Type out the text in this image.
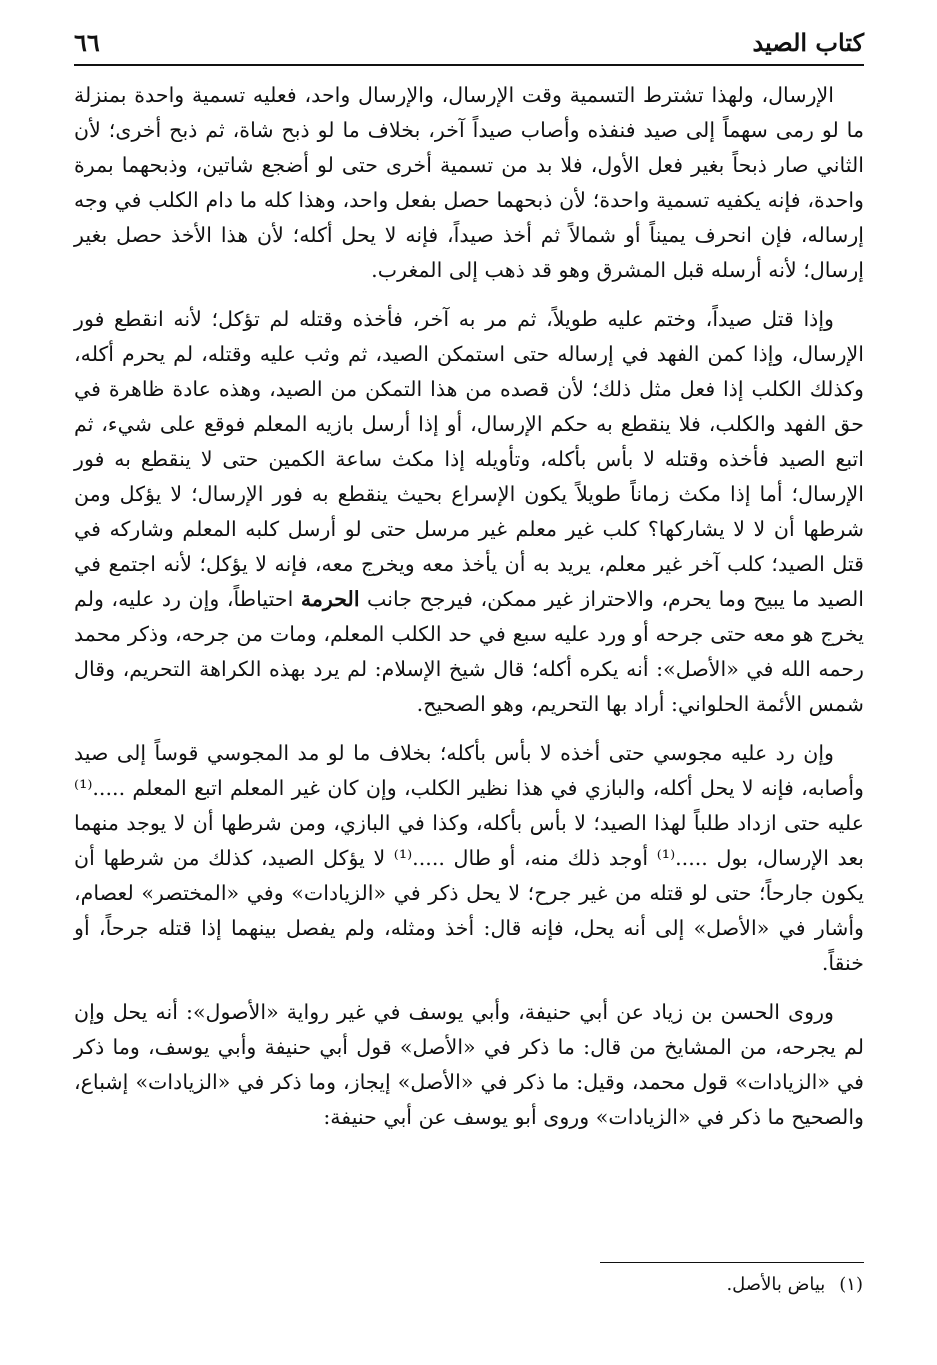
كتاب الصيد
٦٦

الإرسال، ولهذا تشترط التسمية وقت الإرسال، والإرسال واحد، فعليه تسمية واحدة بمنزلة ما لو رمى سهماً إلى صيد فنفذه وأصاب صيداً آخر، بخلاف ما لو ذبح شاة، ثم ذبح أخرى؛ لأن الثاني صار ذبحاً بغير فعل الأول، فلا بد من تسمية أخرى حتى لو أضجع شاتين، وذبحهما بمرة واحدة، فإنه يكفيه تسمية واحدة؛ لأن ذبحهما حصل بفعل واحد، وهذا كله ما دام الكلب في وجه إرساله، فإن انحرف يميناً أو شمالاً ثم أخذ صيداً، فإنه لا يحل أكله؛ لأن هذا الأخذ حصل بغير إرسال؛ لأنه أرسله قبل المشرق وهو قد ذهب إلى المغرب.

وإذا قتل صيداً، وختم عليه طويلاً، ثم مر به آخر، فأخذه وقتله لم تؤكل؛ لأنه انقطع فور الإرسال، وإذا كمن الفهد في إرساله حتى استمكن الصيد، ثم وثب عليه وقتله، لم يحرم أكله، وكذلك الكلب إذا فعل مثل ذلك؛ لأن قصده من هذا التمكن من الصيد، وهذه عادة ظاهرة في حق الفهد والكلب، فلا ينقطع به حكم الإرسال، أو إذا أرسل بازيه المعلم فوقع على شيء، ثم اتبع الصيد فأخذه وقتله لا بأس بأكله، وتأويله إذا مكث ساعة الكمين حتى لا ينقطع به فور الإرسال؛ أما إذا مكث زماناً طويلاً يكون الإسراع بحيث ينقطع به فور الإرسال؛ لا يؤكل ومن شرطها أن لا لا يشاركها؟ كلب غير معلم غير مرسل حتى لو أرسل كلبه المعلم وشاركه في قتل الصيد؛ كلب آخر غير معلم، يريد به أن يأخذ معه ويخرج معه، فإنه لا يؤكل؛ لأنه اجتمع في الصيد ما يبيح وما يحرم، والاحتراز غير ممكن، فيرجح جانب الحرمة احتياطاً، وإن رد عليه، ولم يخرج هو معه حتى جرحه أو ورد عليه سبع في حد الكلب المعلم، ومات من جرحه، وذكر محمد رحمه الله في «الأصل»: أنه يكره أكله؛ قال شيخ الإسلام: لم يرد بهذه الكراهة التحريم، وقال شمس الأئمة الحلواني: أراد بها التحريم، وهو الصحيح.

وإن رد عليه مجوسي حتى أخذه لا بأس بأكله؛ بخلاف ما لو مد المجوسي قوساً إلى صيد وأصابه، فإنه لا يحل أكله، والبازي في هذا نظير الكلب، وإن كان غير المعلم اتبع المعلم .....⁽¹⁾ عليه حتى ازداد طلباً لهذا الصيد؛ لا بأس بأكله، وكذا في البازي، ومن شرطها أن لا يوجد منهما بعد الإرسال، بول .....⁽¹⁾ أوجد ذلك منه، أو طال .....⁽¹⁾ لا يؤكل الصيد، كذلك من شرطها أن يكون جارحاً؛ حتى لو قتله من غير جرح؛ لا يحل ذكر في «الزيادات» وفي «المختصر» لعصام، وأشار في «الأصل» إلى أنه يحل، فإنه قال: أخذ ومثله، ولم يفصل بينهما إذا قتله جرحاً، أو خنقاً.

وروى الحسن بن زياد عن أبي حنيفة، وأبي يوسف في غير رواية «الأصول»: أنه يحل وإن لم يجرحه، من المشايخ من قال: ما ذكر في «الأصل» قول أبي حنيفة وأبي يوسف، وما ذكر في «الزيادات» قول محمد، وقيل: ما ذكر في «الأصل» إيجاز، وما ذكر في «الزيادات» إشباع، والصحيح ما ذكر في «الزيادات» وروى أبو يوسف عن أبي حنيفة:

(١)بياض بالأصل.
